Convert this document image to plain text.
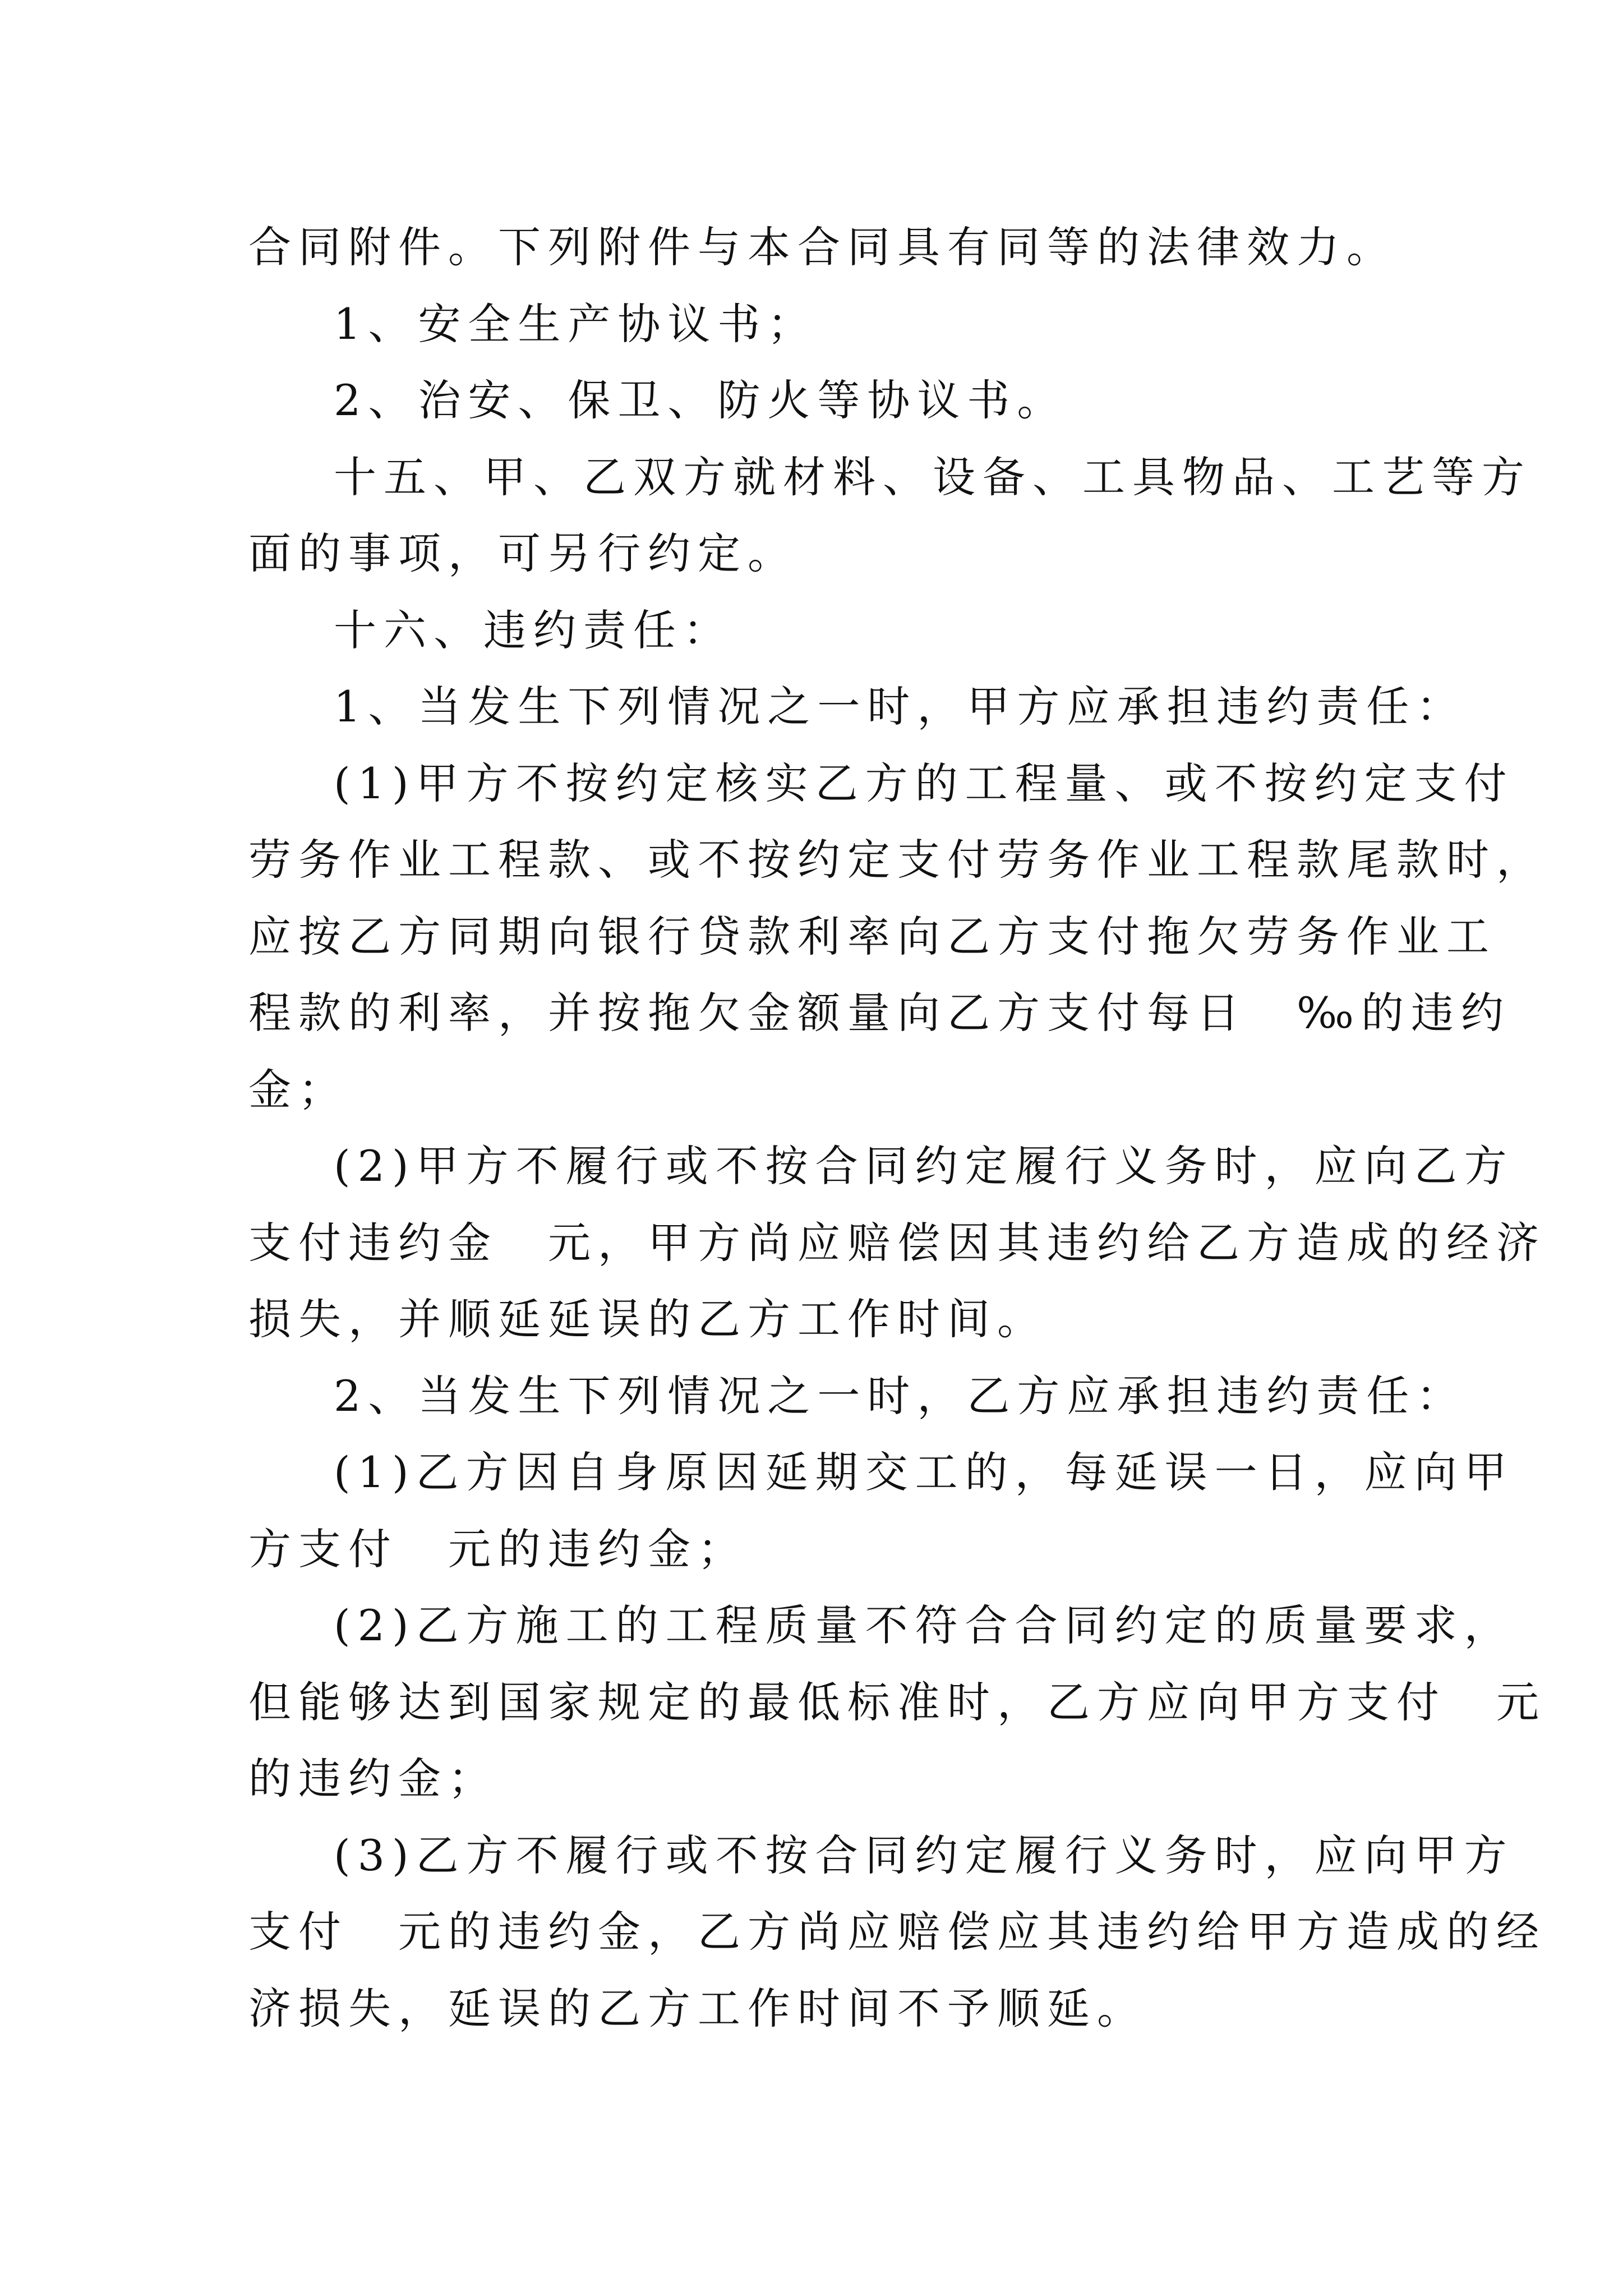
合同附件。下列附件与本合同具有同等的法律效力。
1、安全生产协议书；
2、治安、保卫、防火等协议书。
十五、甲、乙双方就材料、设备、工具物品、工艺等方
面的事项，可另行约定。
十六、违约责任：
1、当发生下列情况之一时，甲方应承担违约责任：
(1)甲方不按约定核实乙方的工程量、或不按约定支付
劳务作业工程款、或不按约定支付劳务作业工程款尾款时，
应按乙方同期向银行贷款利率向乙方支付拖欠劳务作业工
程款的利率，并按拖欠金额量向乙方支付每日　‰的违约
金；
(2)甲方不履行或不按合同约定履行义务时，应向乙方
支付违约金　元，甲方尚应赔偿因其违约给乙方造成的经济
损失，并顺延延误的乙方工作时间。
2、当发生下列情况之一时，乙方应承担违约责任：
(1)乙方因自身原因延期交工的，每延误一日，应向甲
方支付　元的违约金；
(2)乙方施工的工程质量不符合合同约定的质量要求，
但能够达到国家规定的最低标准时，乙方应向甲方支付　元
的违约金；
(3)乙方不履行或不按合同约定履行义务时，应向甲方
支付　元的违约金，乙方尚应赔偿应其违约给甲方造成的经
济损失，延误的乙方工作时间不予顺延。
